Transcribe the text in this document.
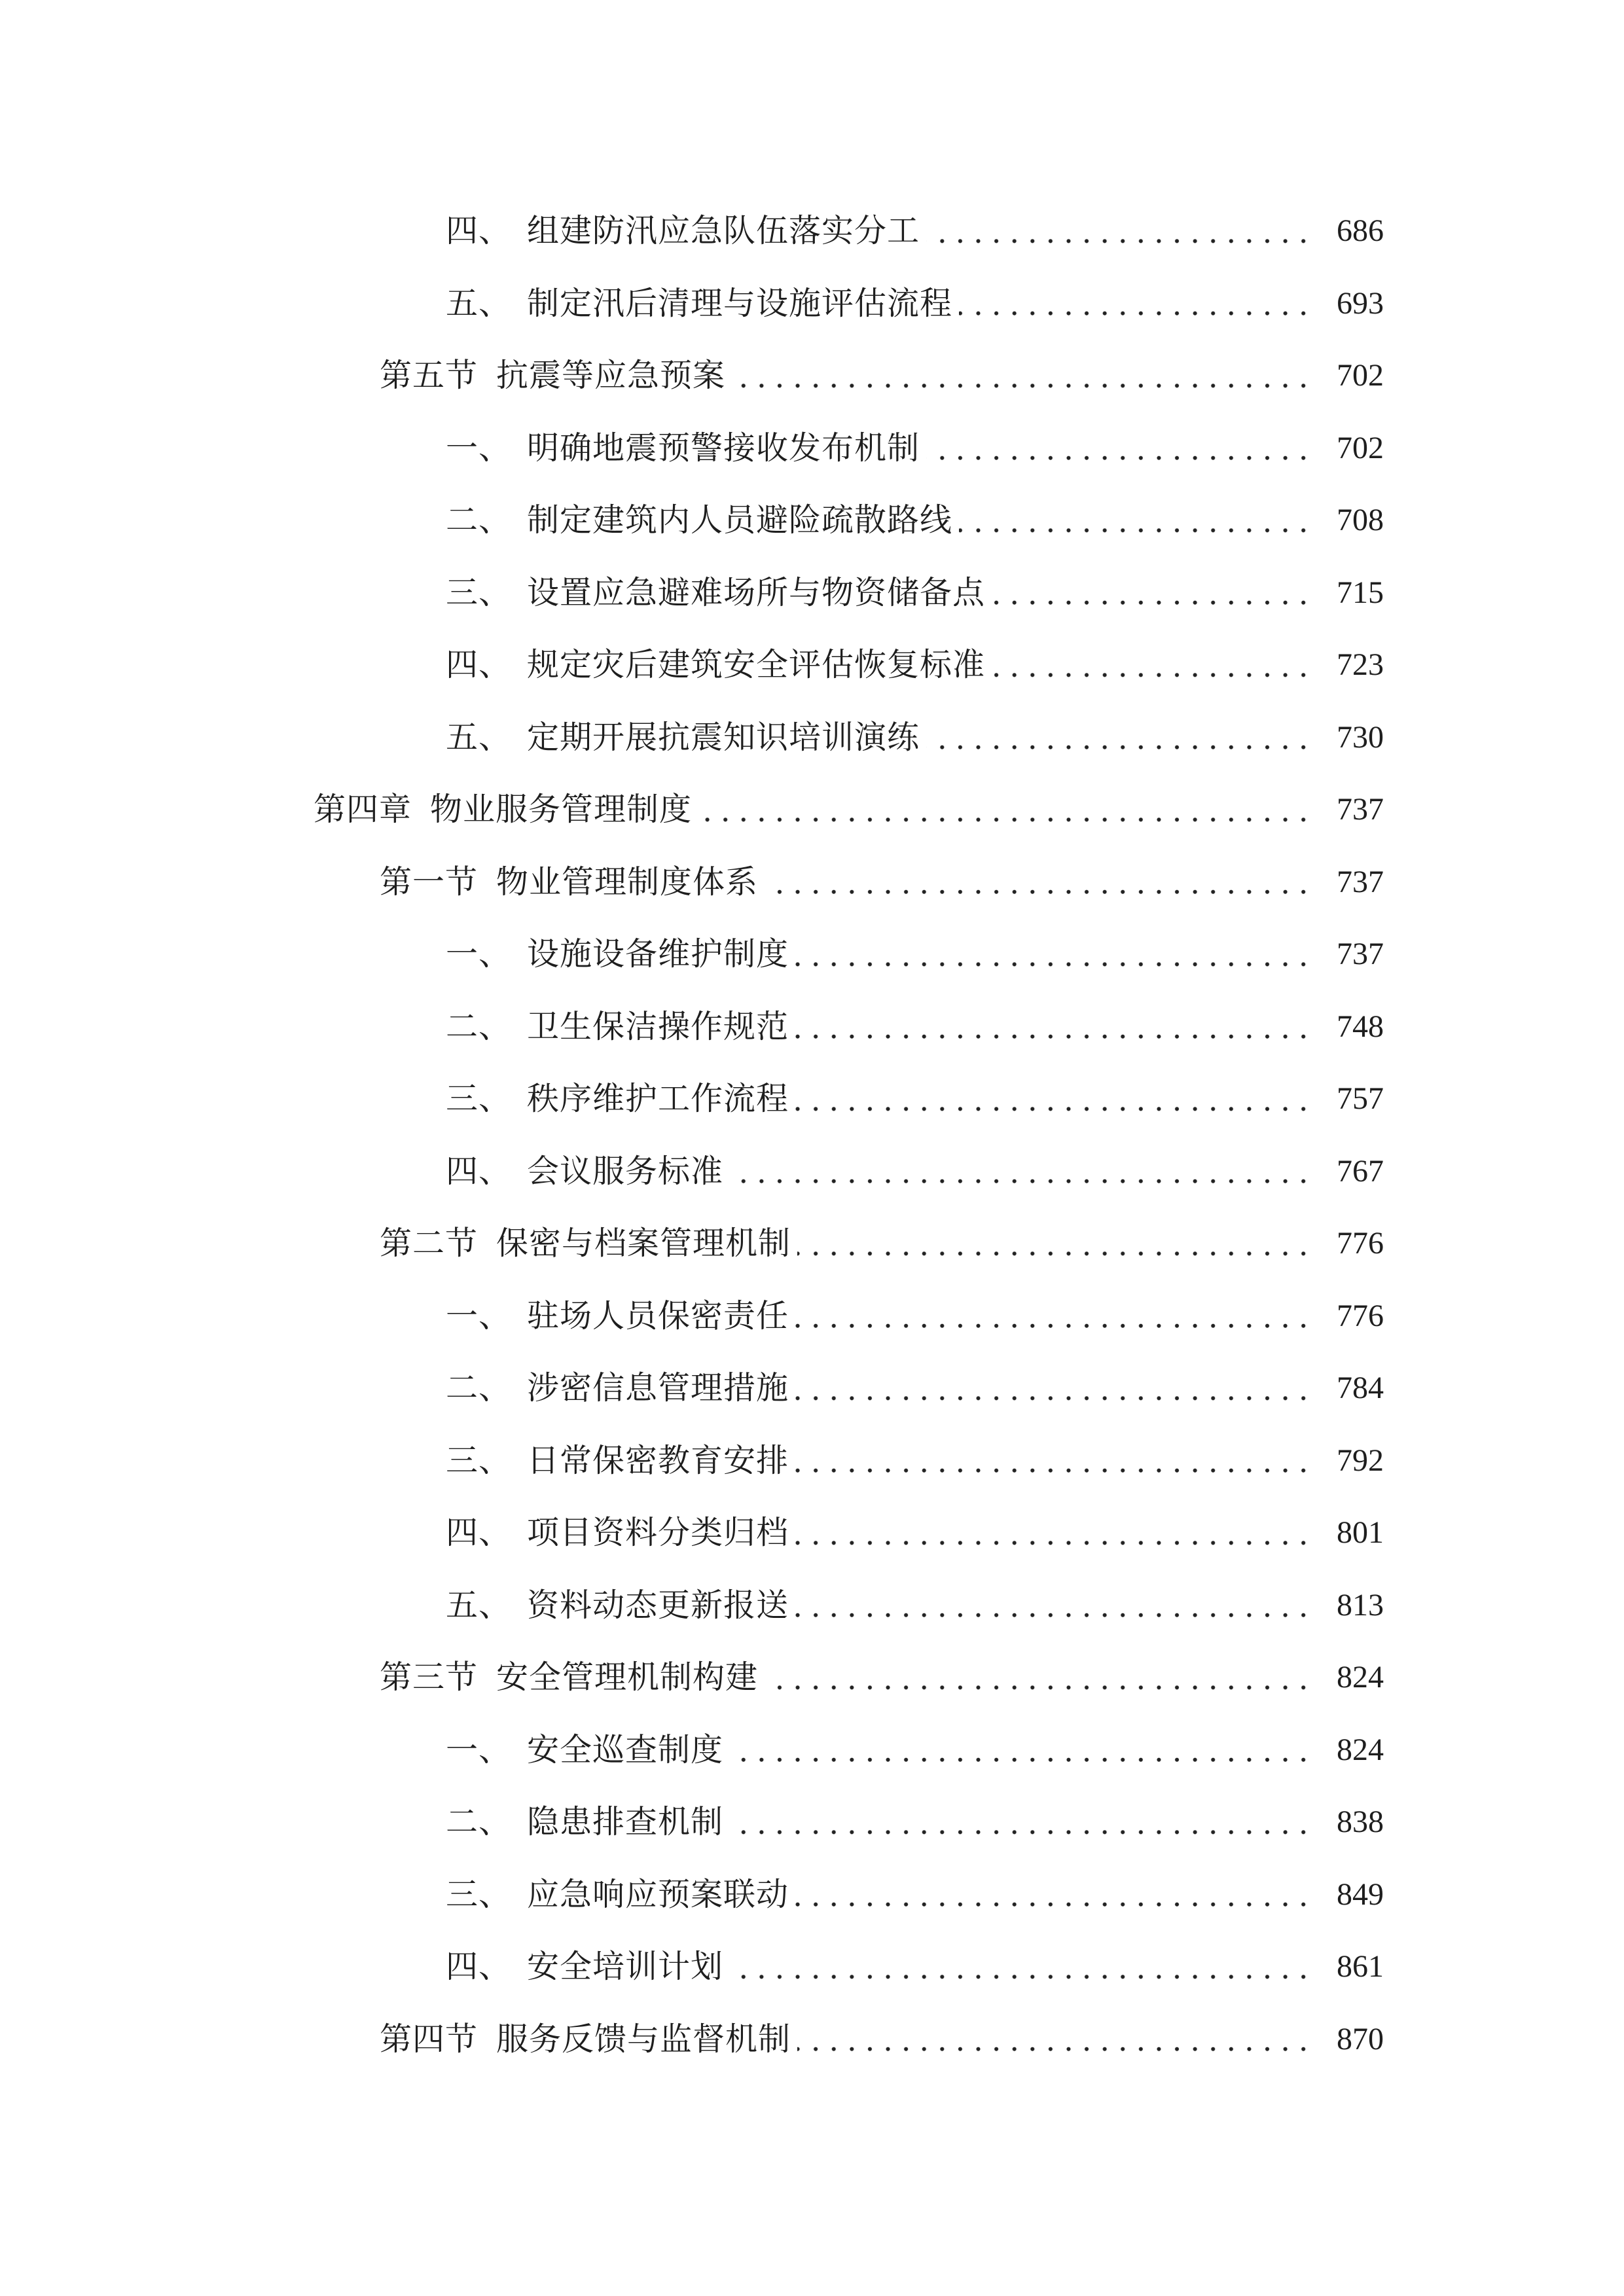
四、 组建防汛应急队伍落实分工	686
五、 制定汛后清理与设施评估流程	693
第五节 抗震等应急预案	702
一、 明确地震预警接收发布机制	702
二、 制定建筑内人员避险疏散路线	708
三、 设置应急避难场所与物资储备点	715
四、 规定灾后建筑安全评估恢复标准	723
五、 定期开展抗震知识培训演练	730
第四章 物业服务管理制度	737
第一节 物业管理制度体系	737
一、 设施设备维护制度	737
二、 卫生保洁操作规范	748
三、 秩序维护工作流程	757
四、 会议服务标准	767
第二节 保密与档案管理机制	776
一、 驻场人员保密责任	776
二、 涉密信息管理措施	784
三、 日常保密教育安排	792
四、 项目资料分类归档	801
五、 资料动态更新报送	813
第三节 安全管理机制构建	824
一、 安全巡查制度	824
二、 隐患排查机制	838
三、 应急响应预案联动	849
四、 安全培训计划	861
第四节 服务反馈与监督机制	870
